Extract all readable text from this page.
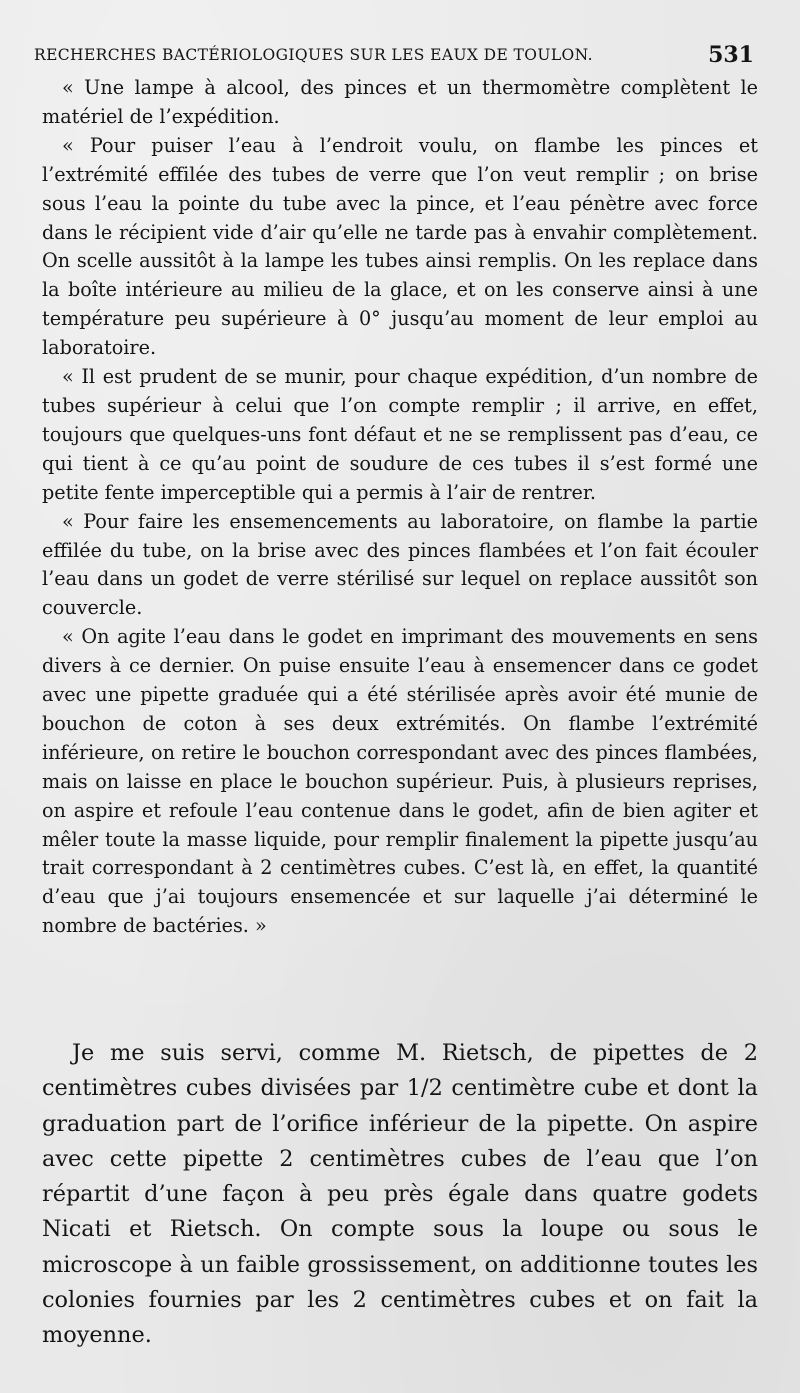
RECHERCHES BACTÉRIOLOGIQUES SUR LES EAUX DE TOULON.	531

« Une lampe à alcool, des pinces et un thermomètre complètent le matériel de l’expédition.

« Pour puiser l’eau à l’endroit voulu, on flambe les pinces et l’extrémité effilée des tubes de verre que l’on veut remplir ; on brise sous l’eau la pointe du tube avec la pince, et l’eau pénètre avec force dans le récipient vide d’air qu’elle ne tarde pas à envahir complètement. On scelle aussitôt à la lampe les tubes ainsi remplis. On les replace dans la boîte intérieure au milieu de la glace, et on les conserve ainsi à une température peu supérieure à 0° jusqu’au moment de leur emploi au laboratoire.

« Il est prudent de se munir, pour chaque expédition, d’un nombre de tubes supérieur à celui que l’on compte remplir ; il arrive, en effet, toujours que quelques-uns font défaut et ne se remplissent pas d’eau, ce qui tient à ce qu’au point de soudure de ces tubes il s’est formé une petite fente imperceptible qui a permis à l’air de rentrer.

« Pour faire les ensemencements au laboratoire, on flambe la partie effilée du tube, on la brise avec des pinces flambées et l’on fait écouler l’eau dans un godet de verre stérilisé sur lequel on replace aussitôt son couvercle.

« On agite l’eau dans le godet en imprimant des mouvements en sens divers à ce dernier. On puise ensuite l’eau à ensemencer dans ce godet avec une pipette graduée qui a été stérilisée après avoir été munie de bouchon de coton à ses deux extrémités. On flambe l’extrémité inférieure, on retire le bouchon correspondant avec des pinces flambées, mais on laisse en place le bouchon supérieur. Puis, à plusieurs reprises, on aspire et refoule l’eau contenue dans le godet, afin de bien agiter et mêler toute la masse liquide, pour remplir finalement la pipette jusqu’au trait correspondant à 2 centimètres cubes. C’est là, en effet, la quantité d’eau que j’ai toujours ensemencée et sur laquelle j’ai déterminé le nombre de bactéries. »

Je me suis servi, comme M. Rietsch, de pipettes de 2 centimètres cubes divisées par 1/2 centimètre cube et dont la graduation part de l’orifice inférieur de la pipette. On aspire avec cette pipette 2 centimètres cubes de l’eau que l’on répartit d’une façon à peu près égale dans quatre godets Nicati et Rietsch. On compte sous la loupe ou sous le microscope à un faible grossissement, on additionne toutes les colonies fournies par les 2 centimètres cubes et on fait la moyenne.
